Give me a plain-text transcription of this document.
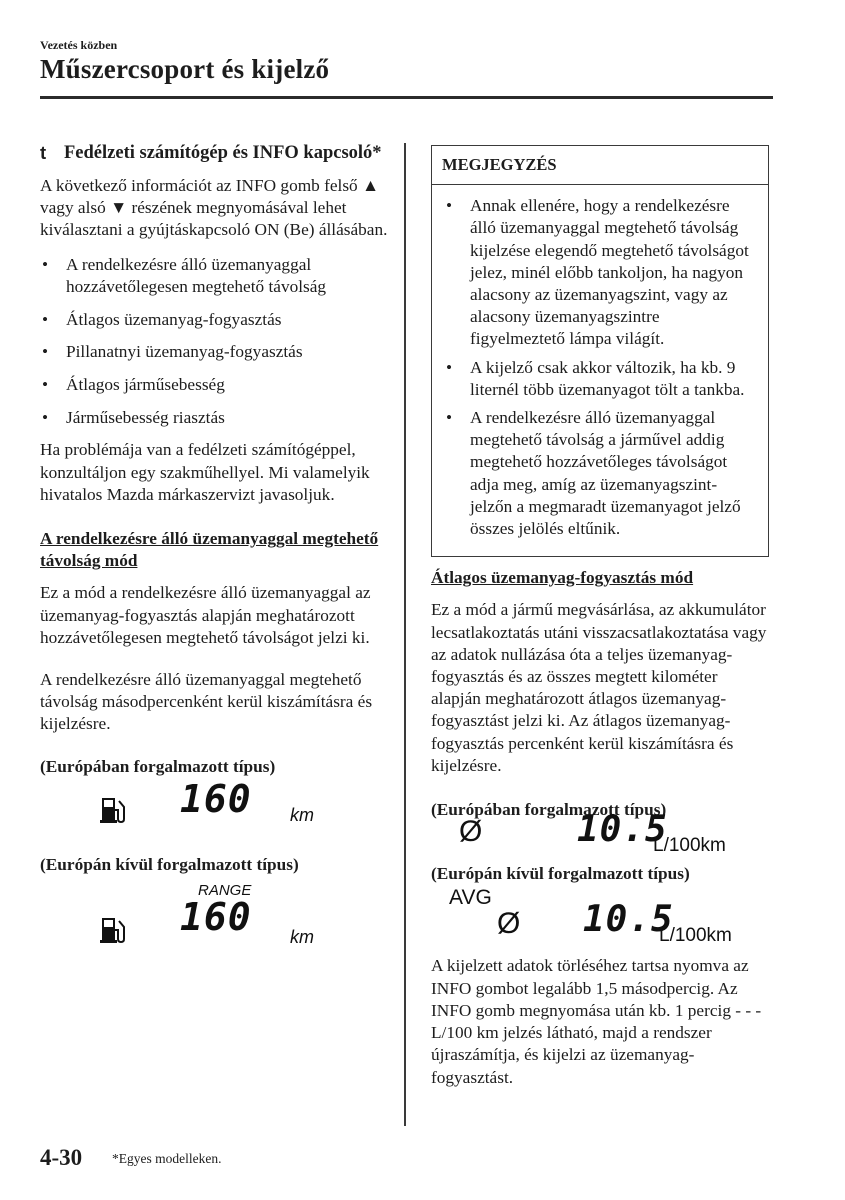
Vezetés közben
Műszercsoport és kijelző
t Fedélzeti számítógép és INFO kapcsoló*

A következő információt az INFO gomb felső ▲ vagy alsó ▼ részének megnyomásával lehet kiválasztani a gyújtáskapcsoló ON (Be) állásában.

•	A rendelkezésre álló üzemanyaggal hozzávetőlegesen megtehető távolság
•	Átlagos üzemanyag-fogyasztás
•	Pillanatnyi üzemanyag-fogyasztás
•	Átlagos járműsebesség
•	Járműsebesség riasztás

Ha problémája van a fedélzeti számítógéppel, konzultáljon egy szakműhellyel. Mi valamelyik hivatalos Mazda márkaszervizt javasoljuk.

A rendelkezésre álló üzemanyaggal megtehető távolság mód

Ez a mód a rendelkezésre álló üzemanyaggal az üzemanyag-fogyasztás alapján meghatározott hozzávetőlegesen megtehető távolságot jelzi ki.

A rendelkezésre álló üzemanyaggal megtehető távolság másodpercenként kerül kiszámításra és kijelzésre.

(Európában forgalmazott típus)
160 km
(Európán kívül forgalmazott típus)
RANGE
160 km
MEGJEGYZÉS
•	Annak ellenére, hogy a rendelkezésre álló üzemanyaggal megtehető távolság kijelzése elegendő megtehető távolságot jelez, minél előbb tankoljon, ha nagyon alacsony az üzemanyagszint, vagy az alacsony üzemanyagszintre figyelmeztető lámpa világít.
•	A kijelző csak akkor változik, ha kb. 9 liternél több üzemanyagot tölt a tankba.
•	A rendelkezésre álló üzemanyaggal megtehető távolság a járművel addig megtehető hozzávetőleges távolságot adja meg, amíg az üzemanyagszint-jelzőn a megmaradt üzemanyagot jelző összes jelölés eltűnik.
Átlagos üzemanyag-fogyasztás mód

Ez a mód a jármű megvásárlása, az akkumulátor lecsatlakoztatás utáni visszacsatlakoztatása vagy az adatok nullázása óta a teljes üzemanyag-fogyasztás és az összes megtett kilométer alapján meghatározott átlagos üzemanyag-fogyasztást jelzi ki. Az átlagos üzemanyag-fogyasztás percenként kerül kiszámításra és kijelzésre.

(Európában forgalmazott típus)
Ø	10.5
L/100km
(Európán kívül forgalmazott típus)
AVG
Ø 10.5
L/100km

A kijelzett adatok törléséhez tartsa nyomva az INFO gombot legalább 1,5 másodpercig. Az INFO gomb megnyomása után kb. 1 percig - - - L/100 km jelzés látható, majd a rendszer újraszámítja, és kijelzi az üzemanyag-fogyasztást.

4-30 *Egyes modelleken.
